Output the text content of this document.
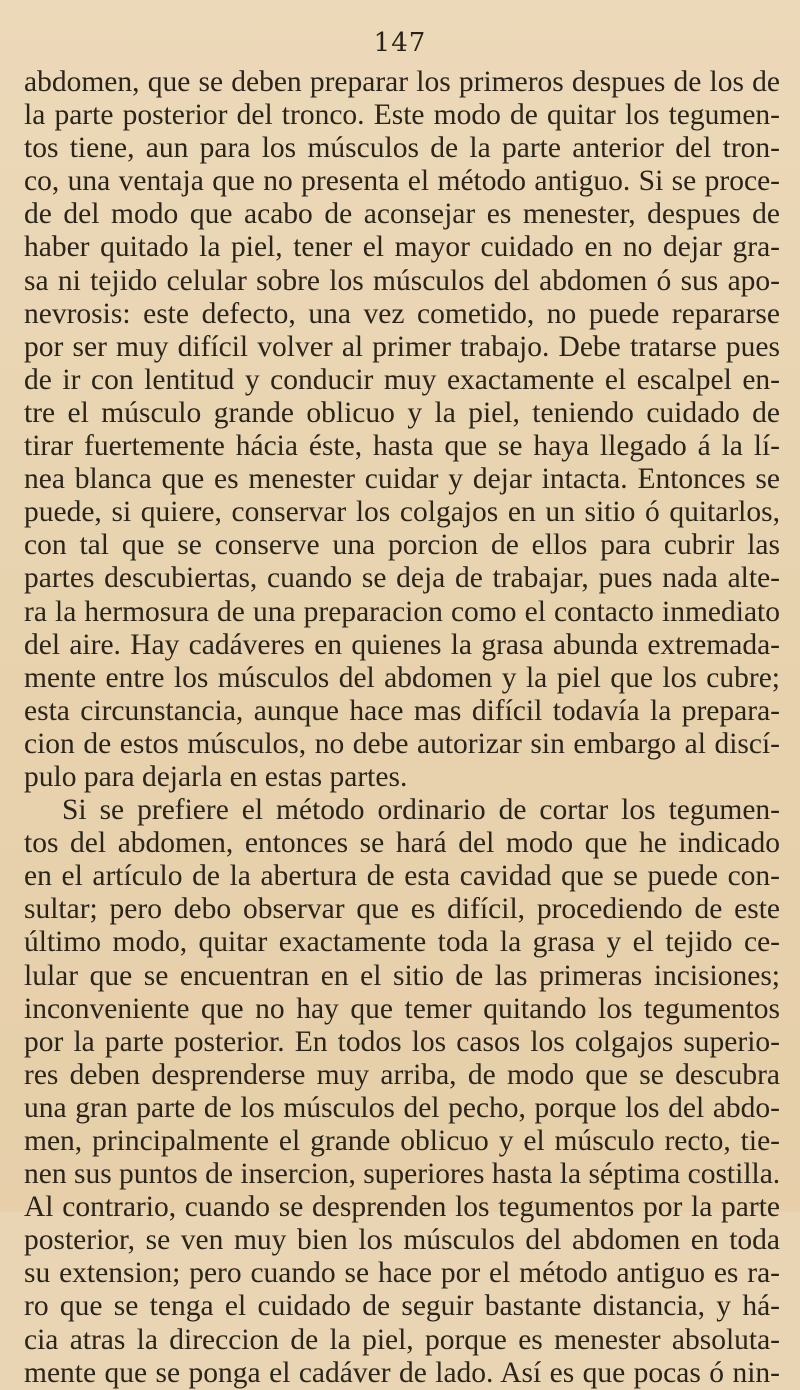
147
abdomen, que se deben preparar los primeros despues de los de
la parte posterior del tronco. Este modo de quitar los tegumen-
tos tiene, aun para los músculos de la parte anterior del tron-
co, una ventaja que no presenta el método antiguo. Si se proce-
de del modo que acabo de aconsejar es menester, despues de
haber quitado la piel, tener el mayor cuidado en no dejar gra-
sa ni tejido celular sobre los músculos del abdomen ó sus apo-
nevrosis: este defecto, una vez cometido, no puede repararse
por ser muy difícil volver al primer trabajo. Debe tratarse pues
de ir con lentitud y conducir muy exactamente el escalpel en-
tre el músculo grande oblicuo y la piel, teniendo cuidado de
tirar fuertemente hácia éste, hasta que se haya llegado á la lí-
nea blanca que es menester cuidar y dejar intacta. Entonces se
puede, si quiere, conservar los colgajos en un sitio ó quitarlos,
con tal que se conserve una porcion de ellos para cubrir las
partes descubiertas, cuando se deja de trabajar, pues nada alte-
ra la hermosura de una preparacion como el contacto inmediato
del aire. Hay cadáveres en quienes la grasa abunda extremada-
mente entre los músculos del abdomen y la piel que los cubre;
esta circunstancia, aunque hace mas difícil todavía la prepara-
cion de estos músculos, no debe autorizar sin embargo al discí-
pulo para dejarla en estas partes.
Si se prefiere el método ordinario de cortar los tegumen-
tos del abdomen, entonces se hará del modo que he indicado
en el artículo de la abertura de esta cavidad que se puede con-
sultar; pero debo observar que es difícil, procediendo de este
último modo, quitar exactamente toda la grasa y el tejido ce-
lular que se encuentran en el sitio de las primeras incisiones;
inconveniente que no hay que temer quitando los tegumentos
por la parte posterior. En todos los casos los colgajos superio-
res deben desprenderse muy arriba, de modo que se descubra
una gran parte de los músculos del pecho, porque los del abdo-
men, principalmente el grande oblicuo y el músculo recto, tie-
nen sus puntos de insercion, superiores hasta la séptima costilla.
Al contrario, cuando se desprenden los tegumentos por la parte
posterior, se ven muy bien los músculos del abdomen en toda
su extension; pero cuando se hace por el método antiguo es ra-
ro que se tenga el cuidado de seguir bastante distancia, y há-
cia atras la direccion de la piel, porque es menester absoluta-
mente que se ponga el cadáver de lado. Así es que pocas ó nin-
